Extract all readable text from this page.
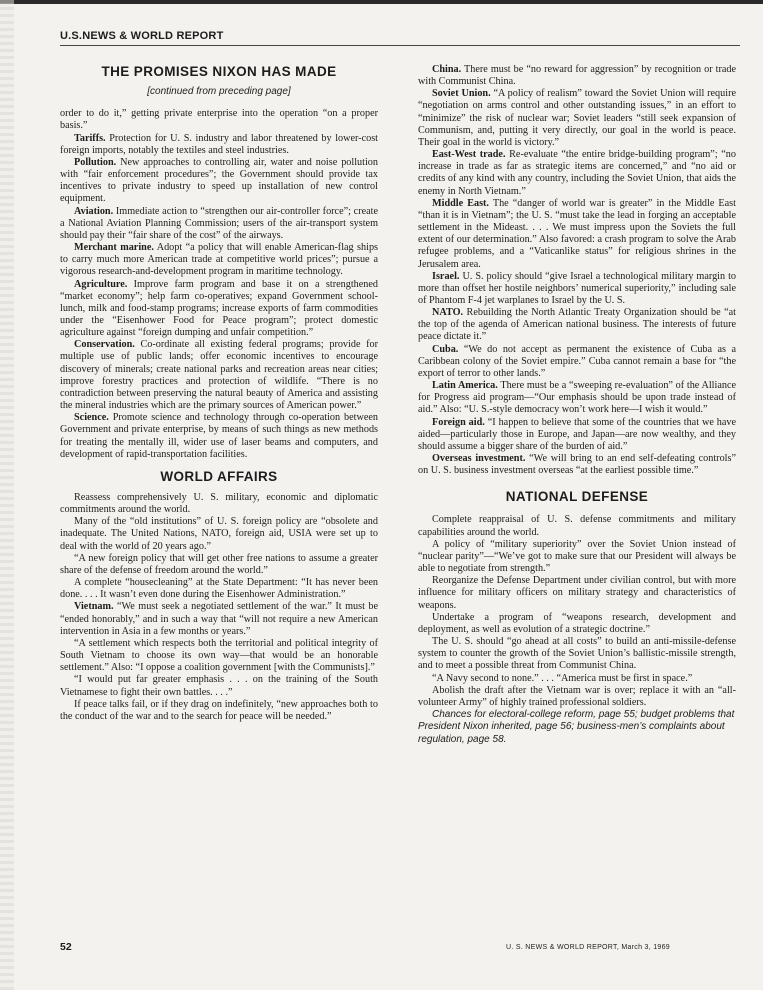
U.S.NEWS & WORLD REPORT
THE PROMISES NIXON HAS MADE
[continued from preceding page]

order to do it,” getting private enterprise into the operation “on a proper basis.”

Tariffs. Protection for U. S. industry and labor threatened by lower-cost foreign imports, notably the textiles and steel industries.

Pollution. New approaches to controlling air, water and noise pollution with “fair enforcement procedures”; the Government should provide tax incentives to private industry to speed up installation of new control equipment.

Aviation. Immediate action to “strengthen our air-controller force”; create a National Aviation Planning Commission; users of the air-transport system should pay their “fair share of the cost” of the airways.

Merchant marine. Adopt “a policy that will enable American-flag ships to carry much more American trade at competitive world prices”; pursue a vigorous research-and-development program in maritime technology.

Agriculture. Improve farm program and base it on a strengthened “market economy”; help farm co-operatives; expand Government school-lunch, milk and food-stamp programs; increase exports of farm commodities under the “Eisenhower Food for Peace program”; protect domestic agriculture against “foreign dumping and unfair competition.”

Conservation. Co-ordinate all existing federal programs; provide for multiple use of public lands; offer economic incentives to encourage discovery of minerals; create national parks and recreation areas near cities; improve forestry practices and protection of wildlife. “There is no contradiction between preserving the natural beauty of America and assisting the mineral industries which are the primary sources of American power.”

Science. Promote science and technology through co-operation between Government and private enterprise, by means of such things as new methods for treating the mentally ill, wider use of laser beams and computers, and development of rapid-transportation facilities.

WORLD AFFAIRS

Reassess comprehensively U. S. military, economic and diplomatic commitments around the world.

Many of the “old institutions” of U. S. foreign policy are “obsolete and inadequate. The United Nations, NATO, foreign aid, USIA were set up to deal with the world of 20 years ago.”

“A new foreign policy that will get other free nations to assume a greater share of the defense of freedom around the world.”

A complete “housecleaning” at the State Department: “It has never been done. . . . It wasn’t even done during the Eisenhower Administration.”

Vietnam. “We must seek a negotiated settlement of the war.” It must be “ended honorably,” and in such a way that “will not require a new American intervention in Asia in a few months or years.”

“A settlement which respects both the territorial and political integrity of South Vietnam to choose its own way—that would be an honorable settlement.” Also: “I oppose a coalition government [with the Communists].”

“I would put far greater emphasis . . . on the training of the South Vietnamese to fight their own battles. . . .”

If peace talks fail, or if they drag on indefinitely, “new approaches both to the conduct of the war and to the search for peace will be needed.”

China. There must be “no reward for aggression” by recognition or trade with Communist China.

Soviet Union. “A policy of realism” toward the Soviet Union will require “negotiation on arms control and other outstanding issues,” in an effort to “minimize” the risk of nuclear war; Soviet leaders “still seek expansion of Communism, and, putting it very directly, our goal in the world is peace. Their goal in the world is victory.”

East-West trade. Re-evaluate “the entire bridge-building program”; “no increase in trade as far as strategic items are concerned,” and “no aid or credits of any kind with any country, including the Soviet Union, that aids the enemy in North Vietnam.”

Middle East. The “danger of world war is greater” in the Middle East “than it is in Vietnam”; the U. S. “must take the lead in forging an acceptable settlement in the Mideast. . . . We must impress upon the Soviets the full extent of our determination.” Also favored: a crash program to solve the Arab refugee problems, and a “Vaticanlike status” for religious shrines in the Jerusalem area.

Israel. U. S. policy should “give Israel a technological military margin to more than offset her hostile neighbors’ numerical superiority,” including sale of Phantom F-4 jet warplanes to Israel by the U. S.

NATO. Rebuilding the North Atlantic Treaty Organization should be “at the top of the agenda of American national business. The interests of future peace dictate it.”

Cuba. “We do not accept as permanent the existence of Cuba as a Caribbean colony of the Soviet empire.” Cuba cannot remain a base for “the export of terror to other lands.”

Latin America. There must be a “sweeping re-evaluation” of the Alliance for Progress aid program—“Our emphasis should be upon trade instead of aid.” Also: “U. S.-style democracy won’t work here—I wish it would.”

Foreign aid. “I happen to believe that some of the countries that we have aided—particularly those in Europe, and Japan—are now wealthy, and they should assume a bigger share of the burden of aid.”

Overseas investment. “We will bring to an end self-defeating controls” on U. S. business investment overseas “at the earliest possible time.”

NATIONAL DEFENSE

Complete reappraisal of U. S. defense commitments and military capabilities around the world.

A policy of “military superiority” over the Soviet Union instead of “nuclear parity”—“We’ve got to make sure that our President will always be able to negotiate from strength.”

Reorganize the Defense Department under civilian control, but with more influence for military officers on military strategy and characteristics of weapons.

Undertake a program of “weapons research, development and deployment, as well as evolution of a strategic doctrine.”

The U. S. should “go ahead at all costs” to build an anti-missile-defense system to counter the growth of the Soviet Union’s ballistic-missile strength, and to meet a possible threat from Communist China.

“A Navy second to none.” . . . “America must be first in space.”

Abolish the draft after the Vietnam war is over; replace it with an “all-volunteer Army” of highly trained professional soldiers.

Chances for electoral-college reform, page 55; budget problems that President Nixon inherited, page 56; business-men’s complaints about regulation, page 58.

52	U. S. NEWS & WORLD REPORT, March 3, 1969
